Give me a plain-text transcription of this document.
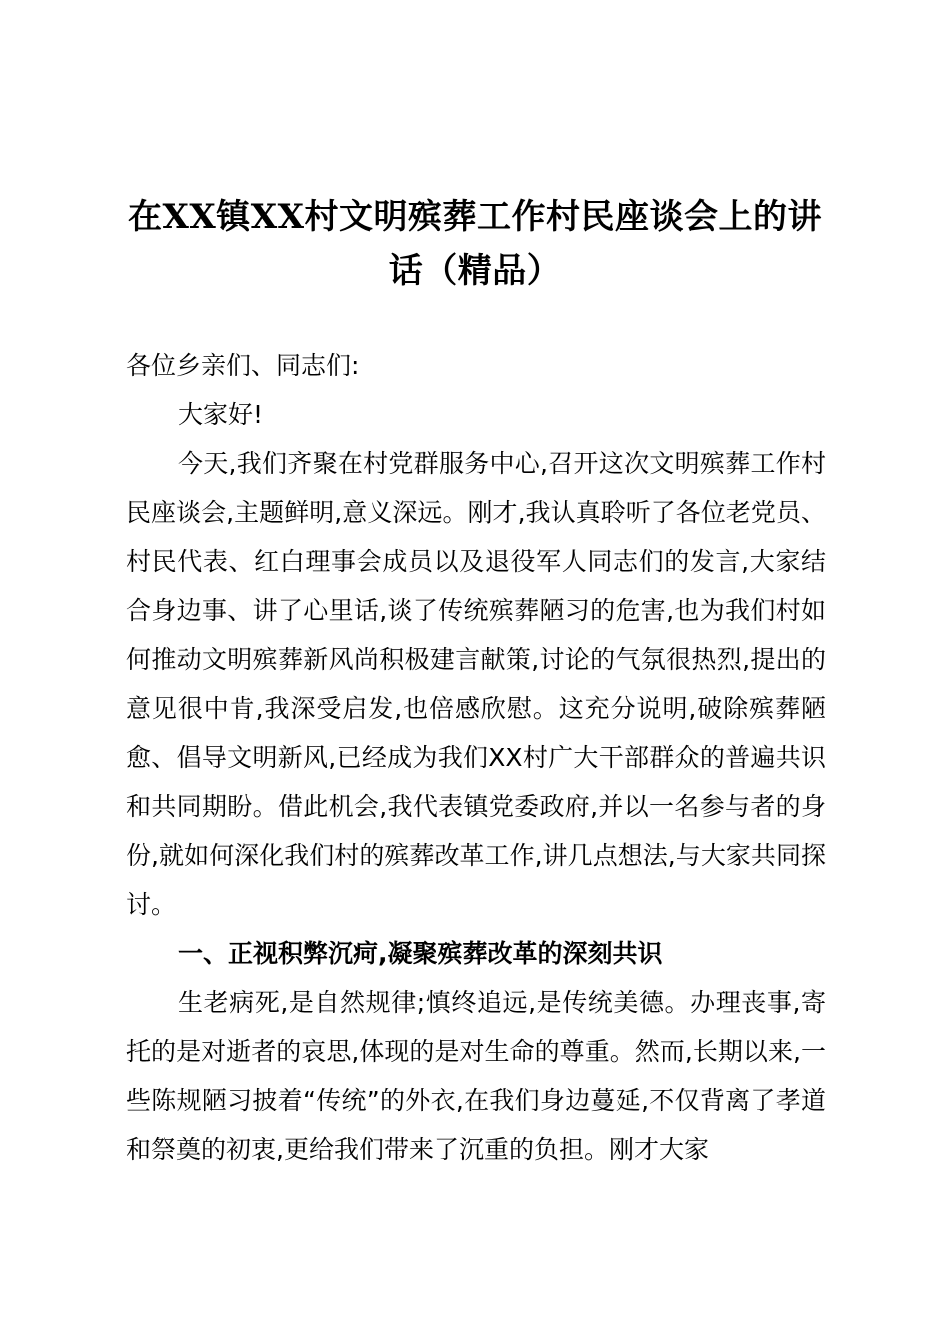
在XX镇XX村文明殡葬工作村民座谈会上的讲话（精品）

各位乡亲们、同志们:

大家好!

今天,我们齐聚在村党群服务中心,召开这次文明殡葬工作村民座谈会,主题鲜明,意义深远。刚才,我认真聆听了各位老党员、村民代表、红白理事会成员以及退役军人同志们的发言,大家结合身边事、讲了心里话,谈了传统殡葬陋习的危害,也为我们村如何推动文明殡葬新风尚积极建言献策,讨论的气氛很热烈,提出的意见很中肯,我深受启发,也倍感欣慰。这充分说明,破除殡葬陋愈、倡导文明新风,已经成为我们XX村广大干部群众的普遍共识和共同期盼。借此机会,我代表镇党委政府,并以一名参与者的身份,就如何深化我们村的殡葬改革工作,讲几点想法,与大家共同探讨。

一、正视积弊沉疴,凝聚殡葬改革的深刻共识

生老病死,是自然规律;慎终追远,是传统美德。办理丧事,寄托的是对逝者的哀思,体现的是对生命的尊重。然而,长期以来,一些陈规陋习披着“传统”的外衣,在我们身边蔓延,不仅背离了孝道和祭奠的初衷,更给我们带来了沉重的负担。刚才大家
